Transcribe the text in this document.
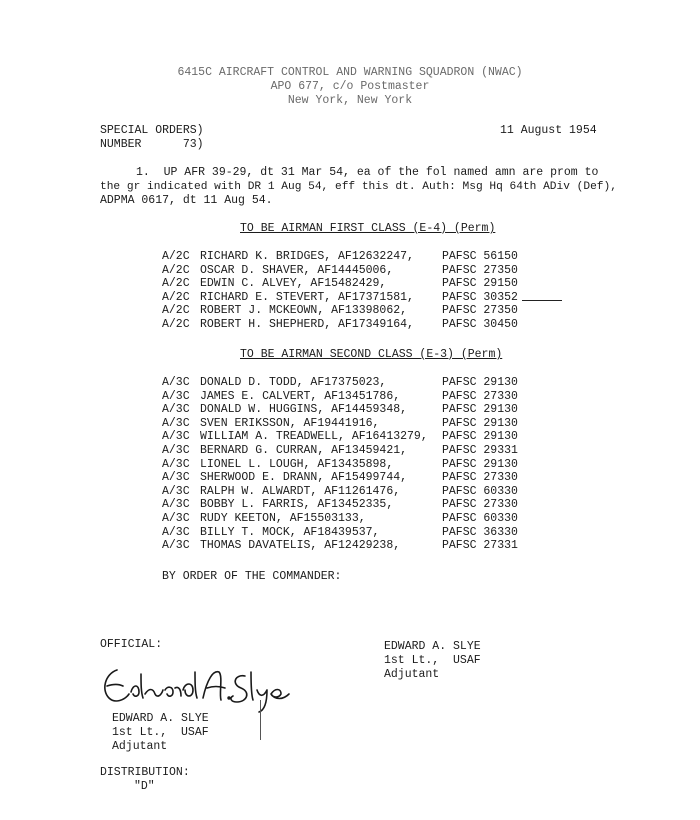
6415C AIRCRAFT CONTROL AND WARNING SQUADRON (NWAC)
APO 677, c/o Postmaster
New York, New York
SPECIAL ORDERS)
NUMBER      73)
11 August 1954
1.  UP AFR 39-29, dt 31 Mar 54, ea of the fol named amn are prom to
the gr indicated with DR 1 Aug 54, eff this dt. Auth: Msg Hq 64th ADiv (Def),
ADPMA 0617, dt 11 Aug 54.
TO BE AIRMAN FIRST CLASS (E-4) (Perm)
A/2C RICHARD K. BRIDGES, AF12632247, PAFSC 56150
A/2C OSCAR D. SHAVER, AF14445006,	PAFSC 27350
A/2C EDWIN C. ALVEY, AF15482429,	PAFSC 29150
A/2C RICHARD E. STEVERT, AF17371581, PAFSC 30352
A/2C ROBERT J. MCKEOWN, AF13398062,	PAFSC 27350
A/2C ROBERT H. SHEPHERD, AF17349164, PAFSC 30450
TO BE AIRMAN SECOND CLASS (E-3) (Perm)
A/3C DONALD D. TODD, AF17375023,	PAFSC 29130
A/3C JAMES E. CALVERT, AF13451786,	PAFSC 27330
A/3C DONALD W. HUGGINS, AF14459348,	PAFSC 29130
A/3C SVEN ERIKSSON, AF19441916,	PAFSC 29130
A/3C WILLIAM A. TREADWELL, AF16413279, PAFSC 29130
A/3C BERNARD G. CURRAN, AF13459421,	PAFSC 29331
A/3C LIONEL L. LOUGH, AF13435898,	PAFSC 29130
A/3C SHERWOOD E. DRANN, AF15499744,	PAFSC 27330
A/3C RALPH W. ALWARDT, AF11261476,	PAFSC 60330
A/3C BOBBY L. FARRIS, AF13452335,	PAFSC 27330
A/3C RUDY KEETON, AF15503133,	PAFSC 60330
A/3C BILLY T. MOCK, AF18439537,	PAFSC 36330
A/3C THOMAS DAVATELIS, AF12429238,	PAFSC 27331
BY ORDER OF THE COMMANDER:
EDWARD A. SLYE
1st Lt.,  USAF
Adjutant
OFFICIAL:
EDWARD A. SLYE
1st Lt.,  USAF
Adjutant
DISTRIBUTION:
"D"
